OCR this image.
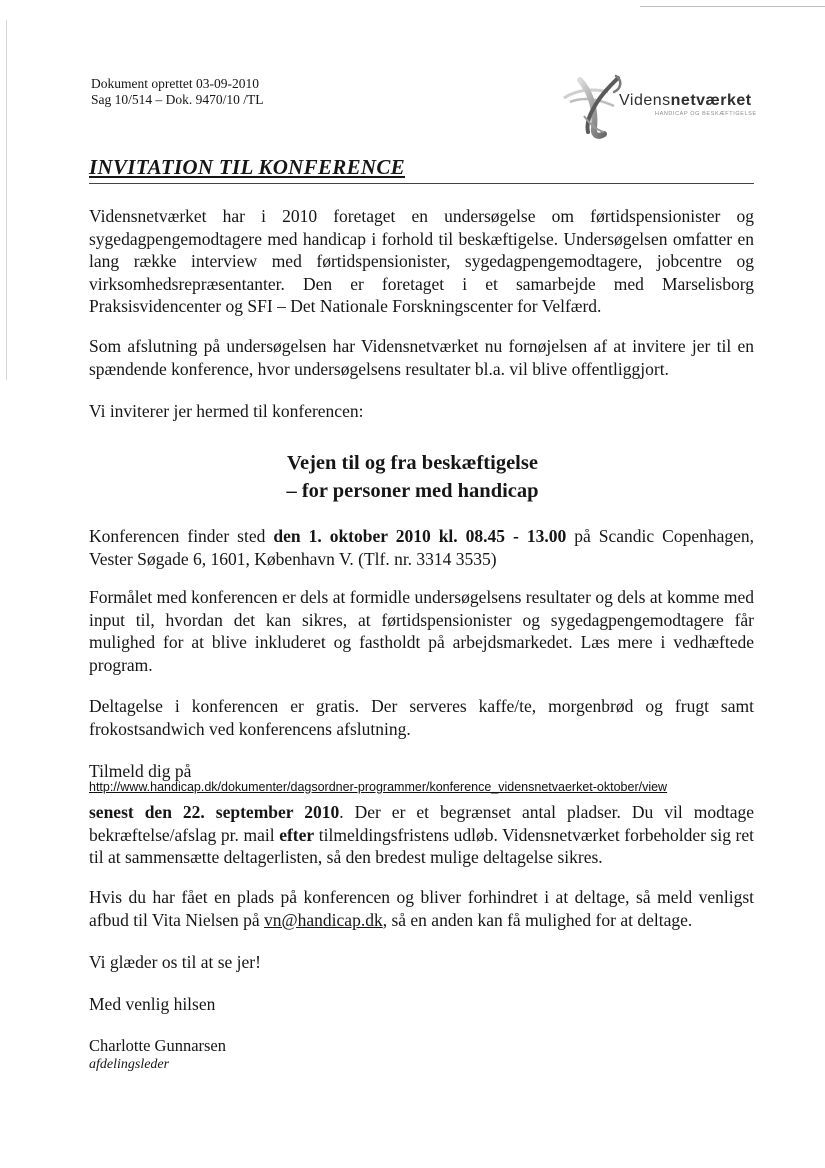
Dokument oprettet 03-09-2010
Sag 10/514 – Dok. 9470/10 /TL	Vidensnetværket
HANDICAP OG BESKÆFTIGELSE
INVITATION TIL KONFERENCE

Vidensnetværket har i 2010 foretaget en undersøgelse om førtidspensionister og sygedagpengemodtagere med handicap i forhold til beskæftigelse. Undersøgelsen omfatter en lang række interview med førtidspensionister, sygedagpengemodtagere, jobcentre og virksomhedsrepræsentanter. Den er foretaget i et samarbejde med Marselisborg Praksisvidencenter og SFI – Det Nationale Forskningscenter for Velfærd.

Som afslutning på undersøgelsen har Vidensnetværket nu fornøjelsen af at invitere jer til en spændende konference, hvor undersøgelsens resultater bl.a. vil blive offentliggjort.

Vi inviterer jer hermed til konferencen:

Vejen til og fra beskæftigelse
– for personer med handicap

Konferencen finder sted den 1. oktober 2010 kl. 08.45 - 13.00 på Scandic Copenhagen, Vester Søgade 6, 1601, København V. (Tlf. nr. 3314 3535)

Formålet med konferencen er dels at formidle undersøgelsens resultater og dels at komme med input til, hvordan det kan sikres, at førtidspensionister og sygedagpengemodtagere får mulighed for at blive inkluderet og fastholdt på arbejdsmarkedet. Læs mere i vedhæftede program.

Deltagelse i konferencen er gratis. Der serveres kaffe/te, morgenbrød og frugt samt frokostsandwich ved konferencens afslutning.

Tilmeld dig på

http://www.handicap.dk/dokumenter/dagsordner-programmer/konference_vidensnetvaerket-oktober/view

senest den 22. september 2010. Der er et begrænset antal pladser. Du vil modtage bekræftelse/afslag pr. mail efter tilmeldingsfristens udløb. Vidensnetværket forbeholder sig ret til at sammensætte deltagerlisten, så den bredest mulige deltagelse sikres.

Hvis du har fået en plads på konferencen og bliver forhindret i at deltage, så meld venligst afbud til Vita Nielsen på vn@handicap.dk, så en anden kan få mulighed for at deltage.

Vi glæder os til at se jer!

Med venlig hilsen

Charlotte Gunnarsen

afdelingsleder
